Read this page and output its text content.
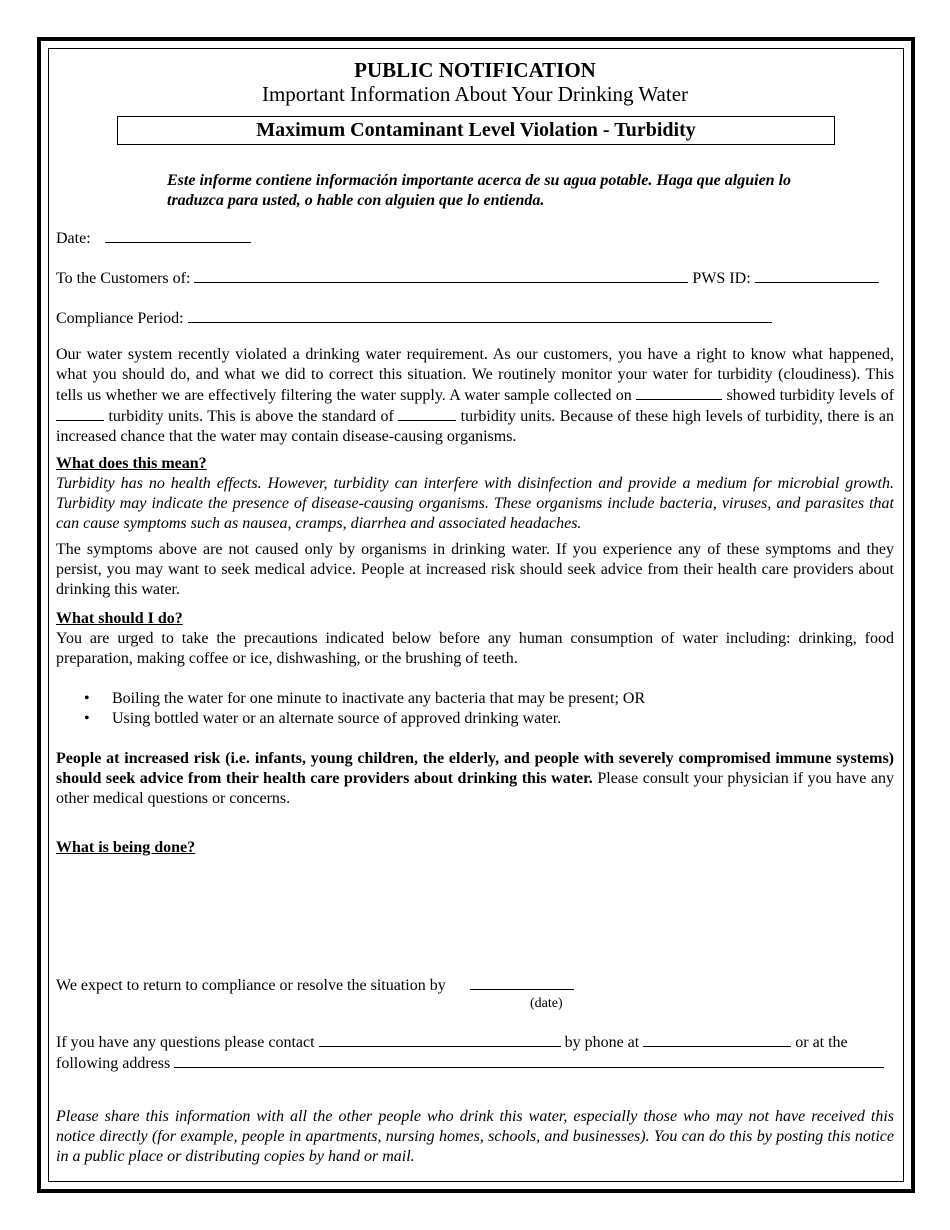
PUBLIC NOTIFICATION
Important Information About Your Drinking Water
Maximum Contaminant Level Violation - Turbidity
Este informe contiene información importante acerca de su agua potable. Haga que alguien lo traduzca para usted, o hable con alguien que lo entienda.
Date:
To the Customers of:	PWS ID:
Compliance Period:
Our water system recently violated a drinking water requirement. As our customers, you have a right to know what happened, what you should do, and what we did to correct this situation. We routinely monitor your water for turbidity (cloudiness). This tells us whether we are effectively filtering the water supply. A water sample collected on	showed turbidity levels of  turbidity units. This is above the standard of	turbidity units. Because of these high levels of turbidity, there is an increased chance that the water may contain disease-causing organisms.
What does this mean?
Turbidity has no health effects. However, turbidity can interfere with disinfection and provide a medium for microbial growth. Turbidity may indicate the presence of disease-causing organisms. These organisms include bacteria, viruses, and parasites that can cause symptoms such as nausea, cramps, diarrhea and associated headaches.
The symptoms above are not caused only by organisms in drinking water. If you experience any of these symptoms and they persist, you may want to seek medical advice. People at increased risk should seek advice from their health care providers about drinking this water.
What should I do?
You are urged to take the precautions indicated below before any human consumption of water including: drinking, food preparation, making coffee or ice, dishwashing, or the brushing of teeth.
• Boiling the water for one minute to inactivate any bacteria that may be present; OR
• Using bottled water or an alternate source of approved drinking water.
People at increased risk (i.e. infants, young children, the elderly, and people with severely compromised immune systems) should seek advice from their health care providers about drinking this water. Please consult your physician if you have any other medical questions or concerns.
What is being done?
We expect to return to compliance or resolve the situation by
(date)
If you have any questions please contact	by phone at	or at the
following address
Please share this information with all the other people who drink this water, especially those who may not have received this notice directly (for example, people in apartments, nursing homes, schools, and businesses). You can do this by posting this notice in a public place or distributing copies by hand or mail.
